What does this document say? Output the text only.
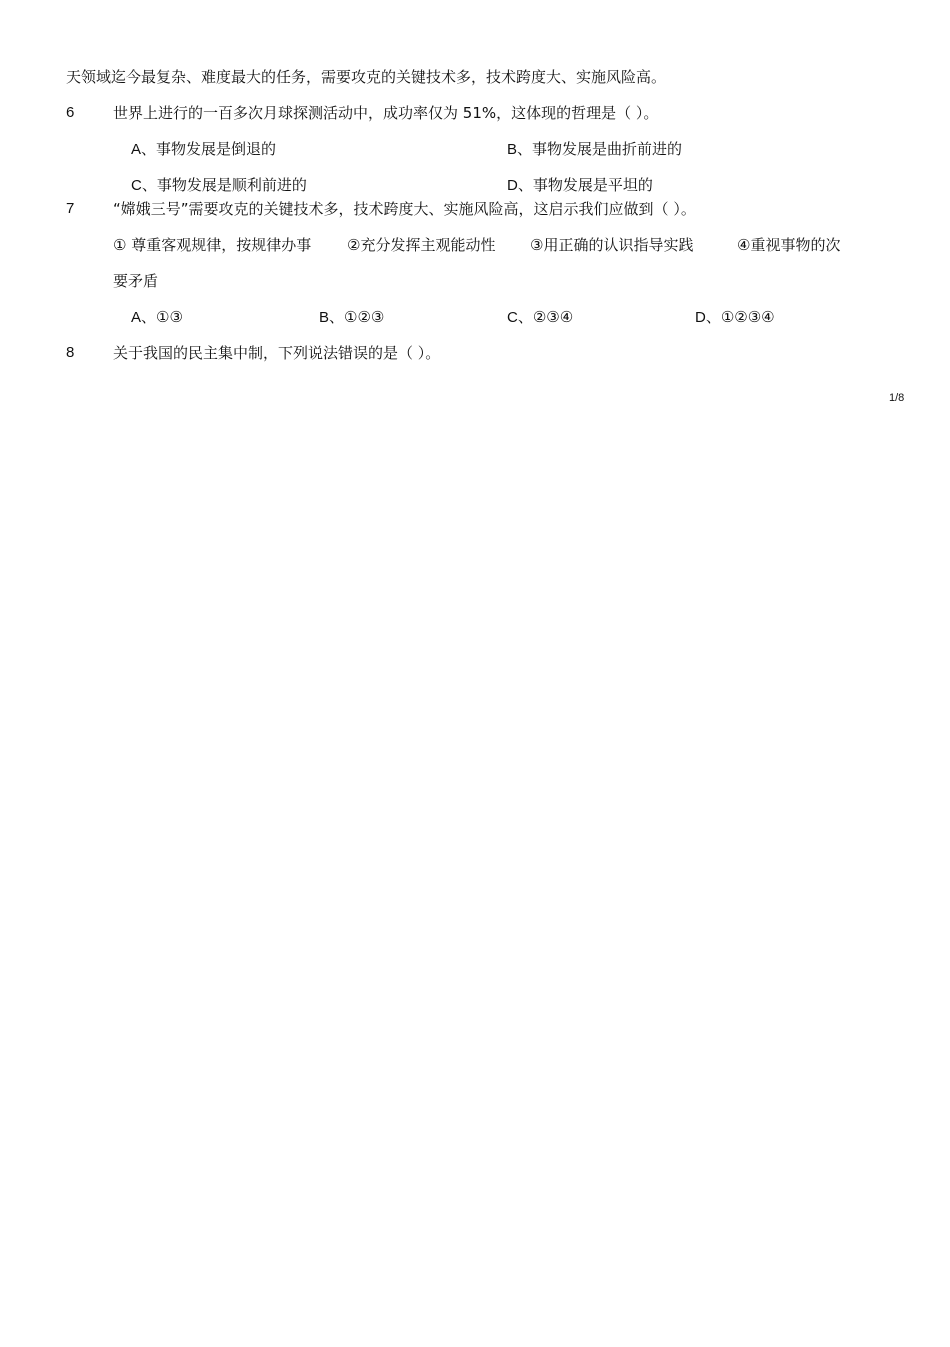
天领域迄今最复杂、难度最大的任务，需要攻克的关键技术多，技术跨度大、实施风险高。
6	世界上进行的一百多次月球探测活动中，成功率仅为 51%，这体现的哲理是（ ）。
A、事物发展是倒退的	B、事物发展是曲折前进的
C、事物发展是顺利前进的	D、事物发展是平坦的
7	“嫦娥三号”需要攻克的关键技术多，技术跨度大、实施风险高，这启示我们应做到（ ）。
① 尊重客观规律，按规律办事 ②充分发挥主观能动性 ③用正确的认识指导实践	④重视事物的次
要矛盾
A、①③	B、①②③	C、②③④	D、①②③④
8	关于我国的民主集中制，下列说法错误的是（ ）。
1/8
